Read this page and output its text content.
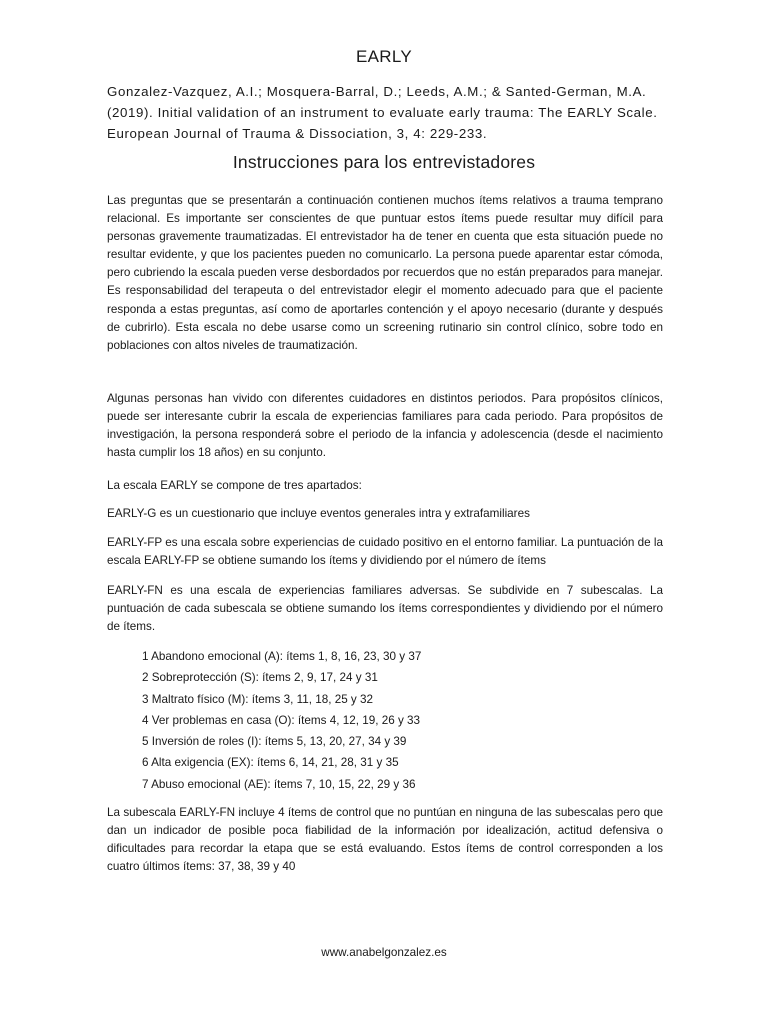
EARLY
Gonzalez-Vazquez, A.I.; Mosquera-Barral, D.; Leeds, A.M.; & Santed-German, M.A. (2019). Initial validation of an instrument to evaluate early trauma: The EARLY Scale. European Journal of Trauma & Dissociation, 3, 4: 229-233.
Instrucciones para los entrevistadores

Las preguntas que se presentarán a continuación contienen muchos ítems relativos a trauma temprano relacional. Es importante ser conscientes de que puntuar estos ítems puede resultar muy difícil para personas gravemente traumatizadas. El entrevistador ha de tener en cuenta que esta situación puede no resultar evidente, y que los pacientes pueden no comunicarlo. La persona puede aparentar estar cómoda, pero cubriendo la escala pueden verse desbordados por recuerdos que no están preparados para manejar. Es responsabilidad del terapeuta o del entrevistador elegir el momento adecuado para que el paciente responda a estas preguntas, así como de aportarles contención y el apoyo necesario (durante y después de cubrirlo). Esta escala no debe usarse como un screening rutinario sin control clínico, sobre todo en poblaciones con altos niveles de traumatización.

Algunas personas han vivido con diferentes cuidadores en distintos periodos. Para propósitos clínicos, puede ser interesante cubrir la escala de experiencias familiares para cada periodo. Para propósitos de investigación, la persona responderá sobre el periodo de la infancia y adolescencia (desde el nacimiento hasta cumplir los 18 años) en su conjunto.

La escala EARLY se compone de tres apartados:

EARLY-G es un cuestionario que incluye eventos generales intra y extrafamiliares

EARLY-FP es una escala sobre experiencias de cuidado positivo en el entorno familiar. La puntuación de la escala EARLY-FP se obtiene sumando los ítems y dividiendo por el número de ítems

EARLY-FN es una escala de experiencias familiares adversas. Se subdivide en 7 subescalas. La puntuación de cada subescala se obtiene sumando los ítems correspondientes y dividiendo por el número de ítems.

1 Abandono emocional (A): ítems 1, 8, 16, 23, 30 y 37
2 Sobreprotección (S): ítems 2, 9, 17, 24 y 31
3 Maltrato físico (M): ítems 3, 11, 18, 25 y 32
4 Ver problemas en casa (O): ítems 4, 12, 19, 26 y 33
5 Inversión de roles (I): ítems 5, 13, 20, 27, 34 y 39
6 Alta exigencia (EX): ítems 6, 14, 21, 28, 31 y 35
7 Abuso emocional (AE): ítems 7, 10, 15, 22, 29 y 36

La subescala EARLY-FN incluye 4 ítems de control que no puntúan en ninguna de las subescalas pero que dan un indicador de posible poca fiabilidad de la información por idealización, actitud defensiva o dificultades para recordar la etapa que se está evaluando. Estos ítems de control corresponden a los cuatro últimos ítems: 37, 38, 39 y 40

www.anabelgonzalez.es
